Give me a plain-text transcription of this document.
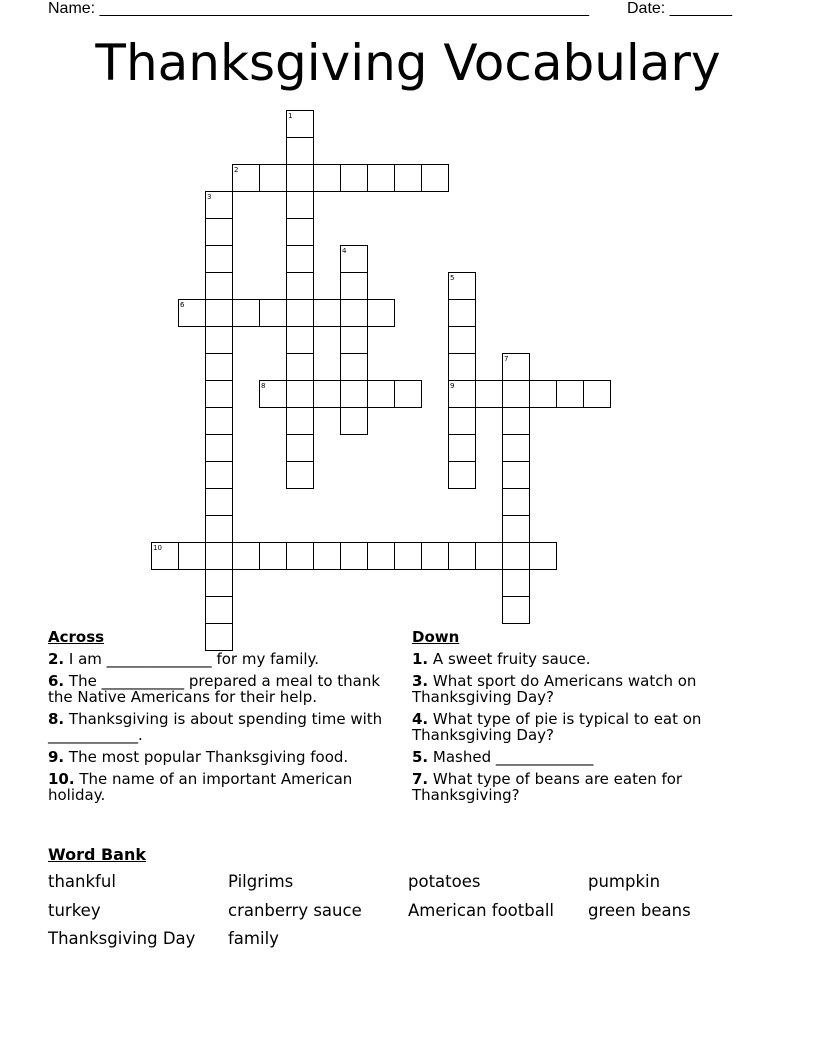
Name: _______________________________________________________ Date: _______
Thanksgiving Vocabulary
1
2
3
4
5
6
7
8	9
10
Across
2. I am ______________ for my family.
6. The ___________ prepared a meal to thank the Native Americans for their help.
8. Thanksgiving is about spending time with ____________.
9. The most popular Thanksgiving food.
10. The name of an important American holiday.
Down
1. A sweet fruity sauce.
3. What sport do Americans watch on Thanksgiving Day?
4. What type of pie is typical to eat on Thanksgiving Day?
5. Mashed _____________
7. What type of beans are eaten for Thanksgiving?
Word Bank
thankful	Pilgrims	potatoes	pumpkin
turkey	cranberry sauce	American football	green beans
Thanksgiving Day	family
